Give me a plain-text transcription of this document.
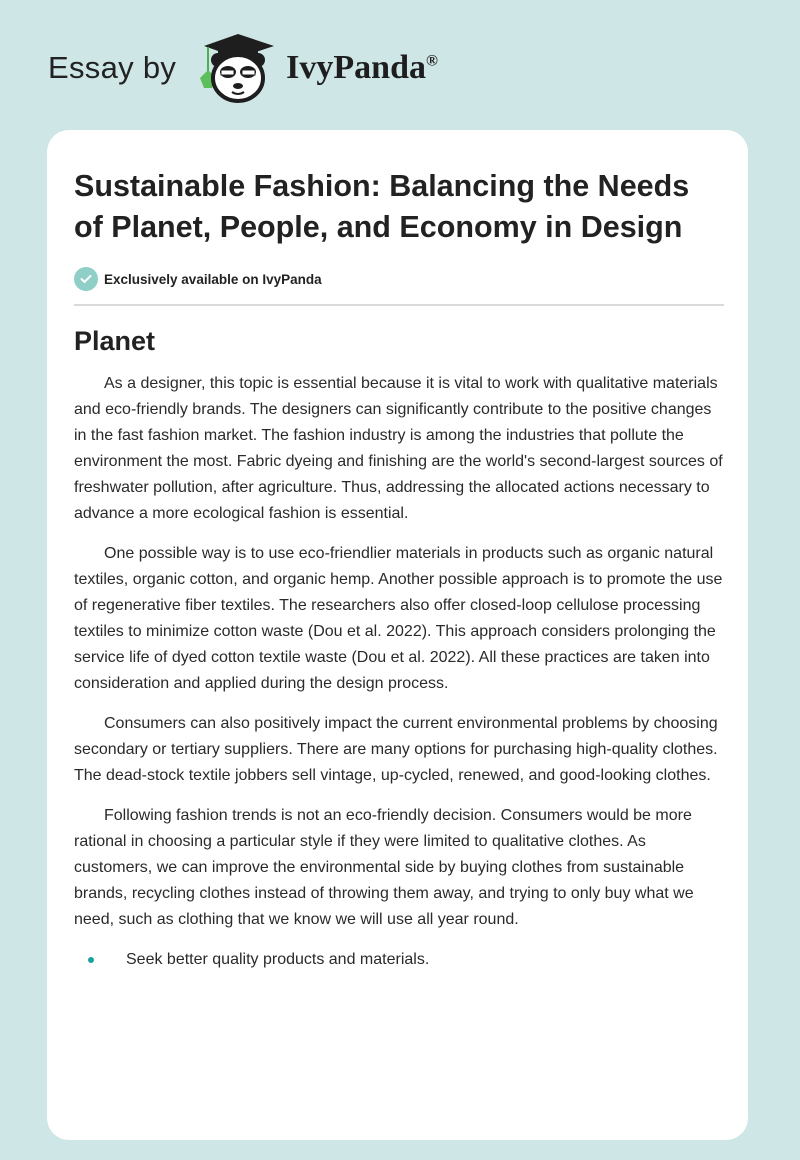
Essay by	IvyPanda®
Sustainable Fashion: Balancing the Needs of Planet, People, and Economy in Design
Exclusively available on IvyPanda
Planet

As a designer, this topic is essential because it is vital to work with qualitative materials and eco-friendly brands. The designers can significantly contribute to the positive changes in the fast fashion market. The fashion industry is among the industries that pollute the environment the most. Fabric dyeing and finishing are the world's second-largest sources of freshwater pollution, after agriculture. Thus, addressing the allocated actions necessary to advance a more ecological fashion is essential.

One possible way is to use eco-friendlier materials in products such as organic natural textiles, organic cotton, and organic hemp. Another possible approach is to promote the use of regenerative fiber textiles. The researchers also offer closed-loop cellulose processing textiles to minimize cotton waste (Dou et al. 2022). This approach considers prolonging the service life of dyed cotton textile waste (Dou et al. 2022). All these practices are taken into consideration and applied during the design process.

Consumers can also positively impact the current environmental problems by choosing secondary or tertiary suppliers. There are many options for purchasing high-quality clothes. The dead-stock textile jobbers sell vintage, up-cycled, renewed, and good-looking clothes.

Following fashion trends is not an eco-friendly decision. Consumers would be more rational in choosing a particular style if they were limited to qualitative clothes. As customers, we can improve the environmental side by buying clothes from sustainable brands, recycling clothes instead of throwing them away, and trying to only buy what we need, such as clothing that we know we will use all year round.

Seek better quality products and materials.
